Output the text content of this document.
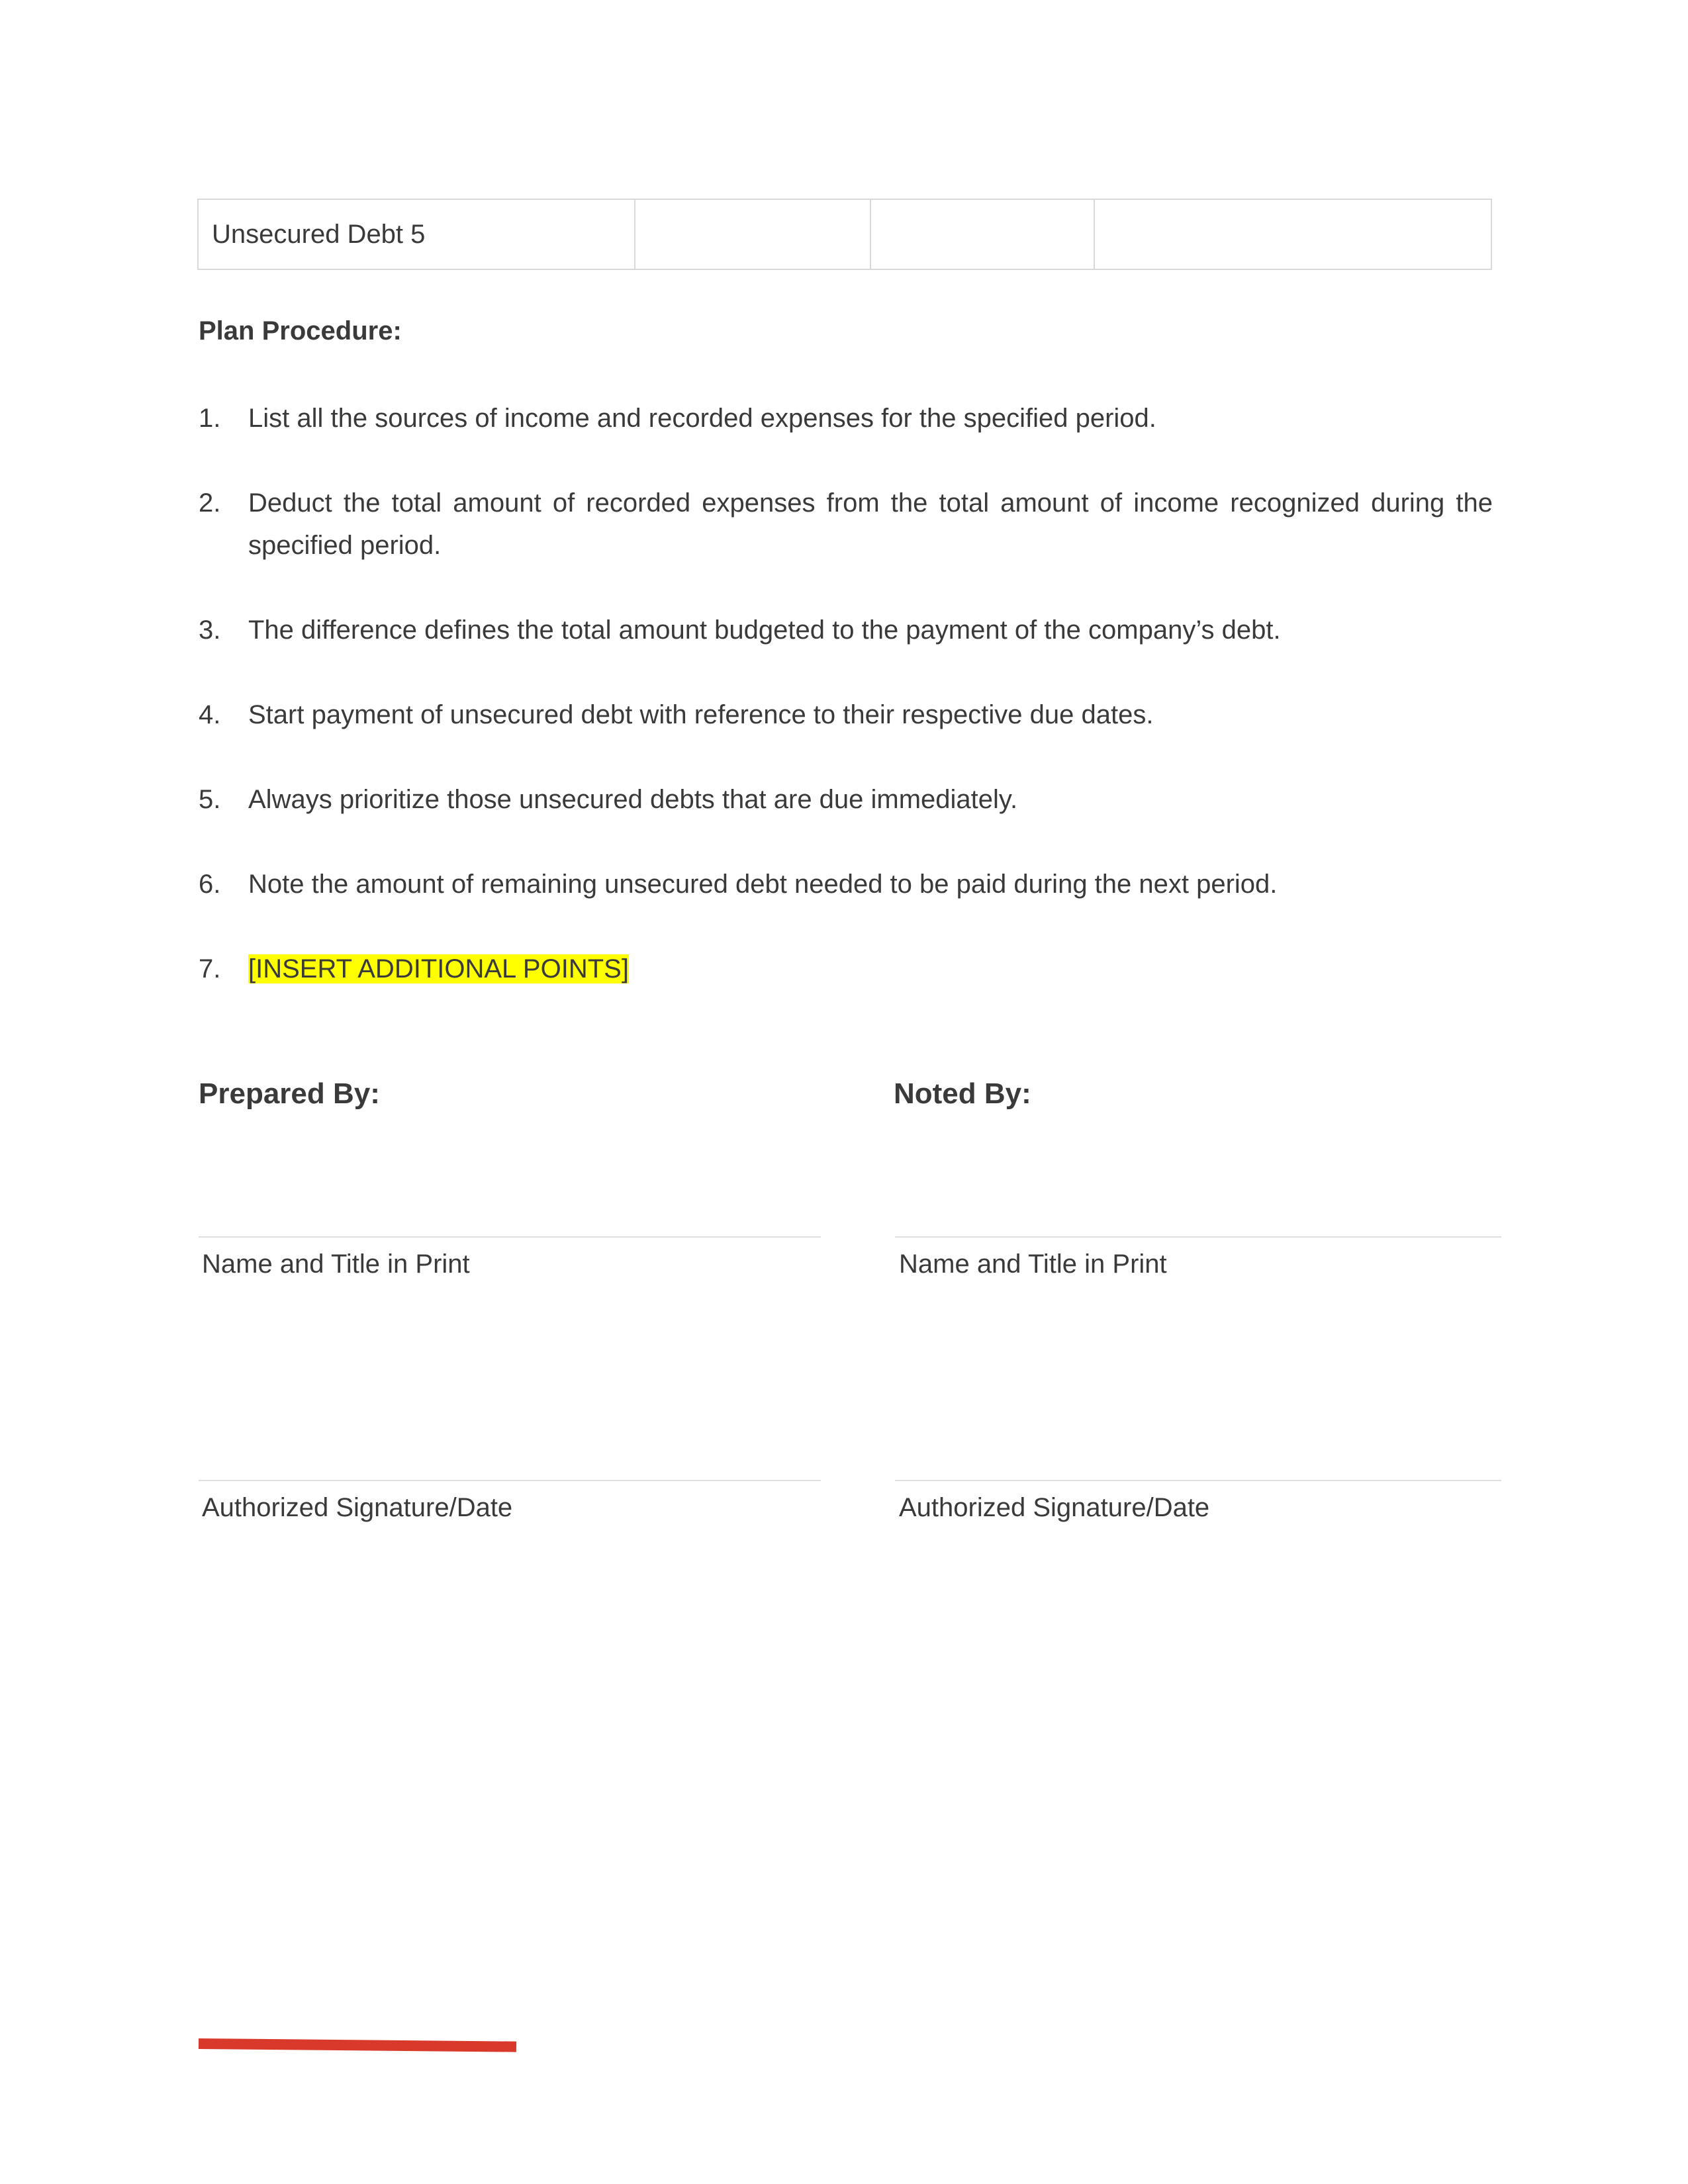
Unsecured Debt 5			
Plan Procedure:
1.	List all the sources of income and recorded expenses for the specified period.
2.	Deduct the total amount of recorded expenses from the total amount of income recognized during the specified period.
3.	The difference defines the total amount budgeted to the payment of the company’s debt.
4.	Start payment of unsecured debt with reference to their respective due dates.
5.	Always prioritize those unsecured debts that are due immediately.
6.	Note the amount of remaining unsecured debt needed to be paid during the next period.
7.	[INSERT ADDITIONAL POINTS]
Prepared By:
Name and Title in Print
Authorized Signature/Date
Noted By:
Name and Title in Print
Authorized Signature/Date
